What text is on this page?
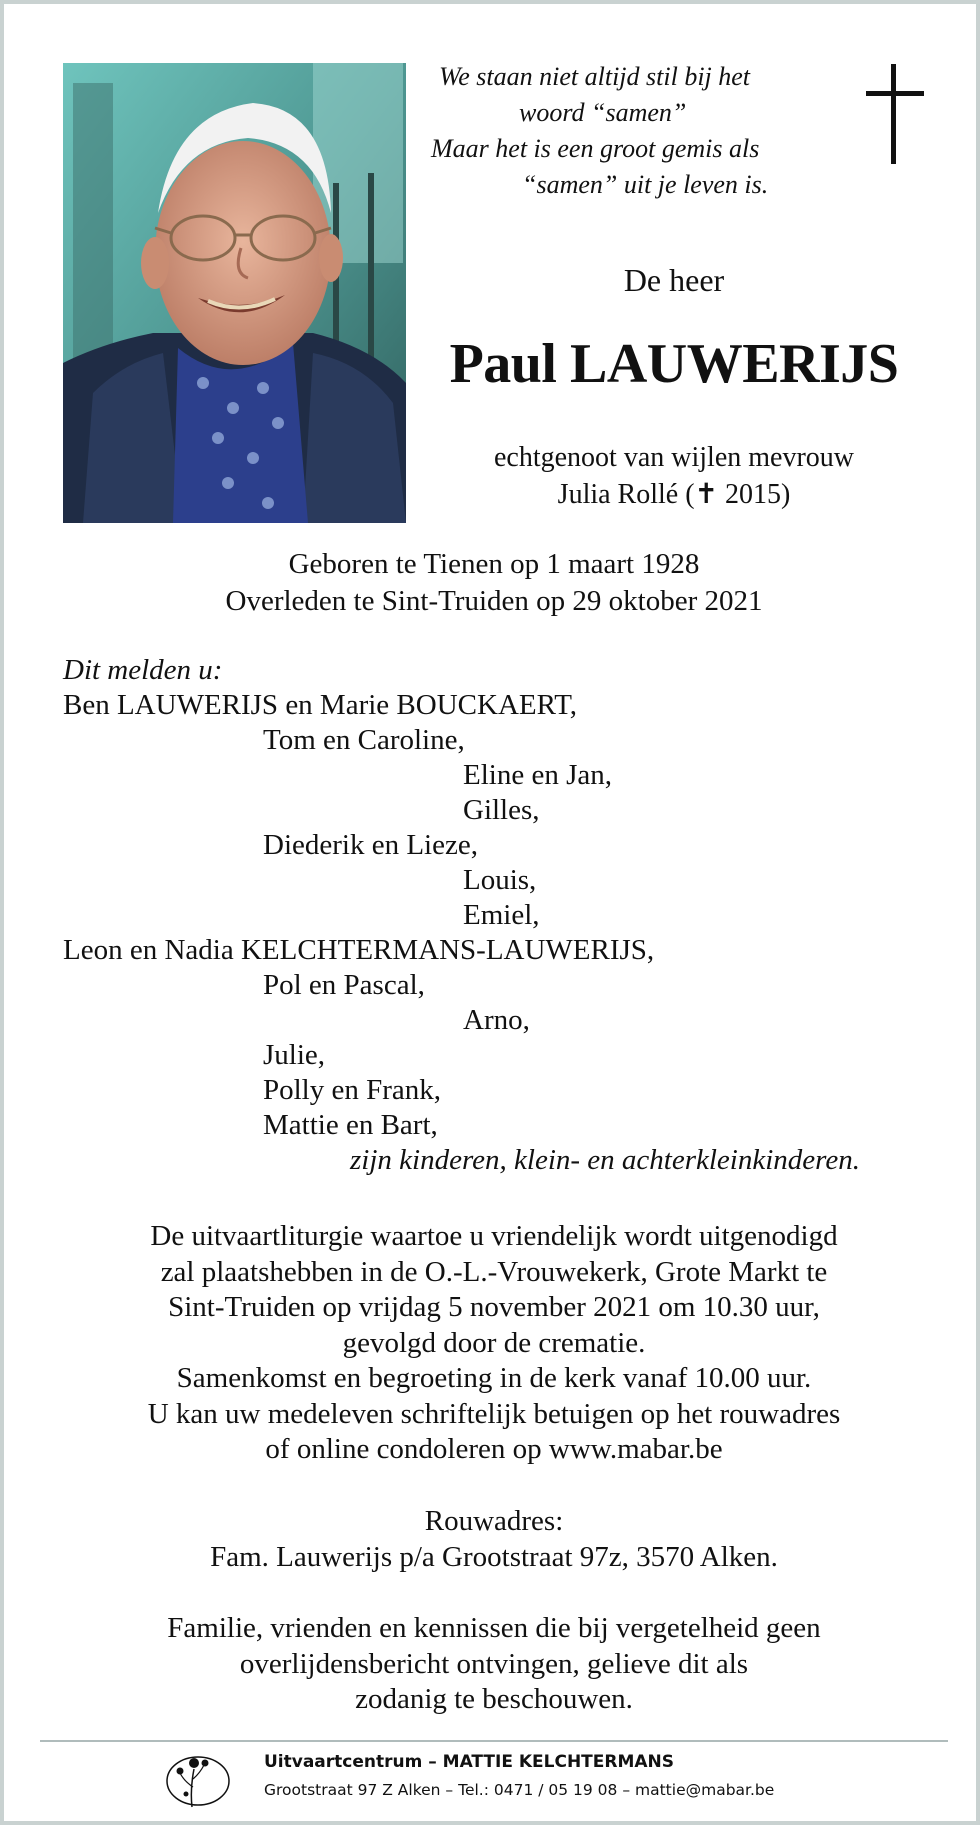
We staan niet altijd stil bij het
woord “samen”
Maar het is een groot gemis als
“samen” uit je leven is.
De heer
Paul LAUWERIJS
echtgenoot van wijlen mevrouw
Julia Rollé (✝ 2015)
Geboren te Tienen op 1 maart 1928
Overleden te Sint-Truiden op 29 oktober 2021
Dit melden u:
Ben LAUWERIJS en Marie BOUCKAERT,
Tom en Caroline,
Eline en Jan,
Gilles,
Diederik en Lieze,
Louis,
Emiel,
Leon en Nadia KELCHTERMANS-LAUWERIJS,
Pol en Pascal,
Arno,
Julie,
Polly en Frank,
Mattie en Bart,
zijn kinderen, klein- en achterkleinkinderen.
De uitvaartliturgie waartoe u vriendelijk wordt uitgenodigd
zal plaatshebben in de O.-L.-Vrouwekerk, Grote Markt te
Sint-Truiden op vrijdag 5 november 2021 om 10.30 uur,
gevolgd door de crematie.
Samenkomst en begroeting in de kerk vanaf 10.00 uur.
U kan uw medeleven schriftelijk betuigen op het rouwadres
of online condoleren op www.mabar.be
Rouwadres:
Fam. Lauwerijs p/a Grootstraat 97z, 3570 Alken.
Familie, vrienden en kennissen die bij vergetelheid geen
overlijdensbericht ontvingen, gelieve dit als
zodanig te beschouwen.
Uitvaartcentrum – MATTIE KELCHTERMANS
Grootstraat 97 Z Alken – Tel.: 0471 / 05 19 08 – mattie@mabar.be
